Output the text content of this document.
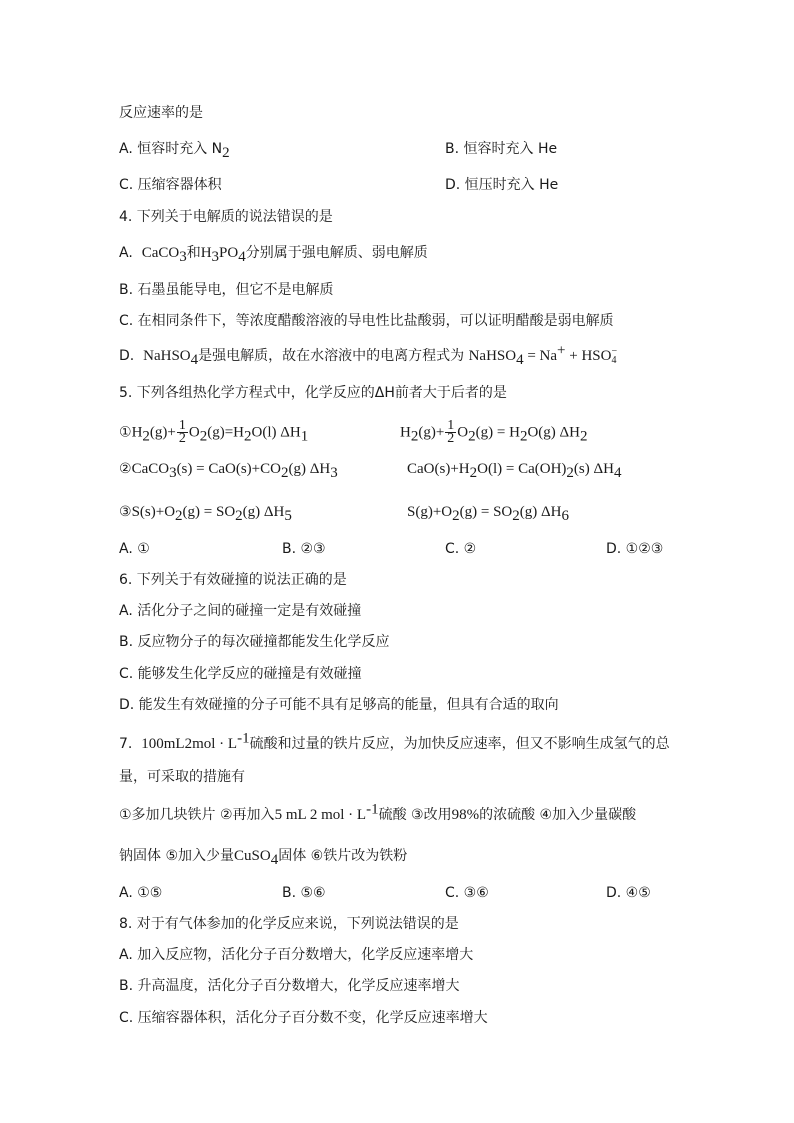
反应速率的是
A. 恒容时充入 $N_2$	B. 恒容时充入 He
C. 压缩容器体积	D. 恒压时充入 He
4. 下列关于电解质的说法错误的是
A. CaCO$_3$和$H_3PO_4$分别属于强电解质、弱电解质
B. 石墨虽能导电，但它不是电解质
C. 在相同条件下，等浓度醋酸溶液的导电性比盐酸弱，可以证明醋酸是弱电解质
D. NaHSO$_4$是强电解质，故在水溶液中的电离方程式为 NaHSO$_4$ = Na+ + HSO −
4
5. 下列各组热化学方程式中，化学反应的ΔH前者大于后者的是
$①H_2(g)+ \frac{1}{2} O_2(g)=H_2O(l)$ $\Delta H_1$	$H_2(g)+ \frac{1}{2} O_2(g) = H_2O(g)$ $\Delta H_2$
②CaCO$_3$(s) = $CaO(s)+CO_2(g)$ $\Delta H_3$	$CaO(s)+H_2O(l) = Ca(OH)_2(s)$ $\Delta H_4$
$③S(s)+O_2(g) = SO_2(g)$ $\Delta H_5$	$S(g)+O_2(g) = SO_2(g)$ $\Delta H_6$
A. ①	B. ②③	C. ②	D. ①②③
6. 下列关于有效碰撞的说法正确的是
A. 活化分子之间的碰撞一定是有效碰撞
B. 反应物分子的每次碰撞都能发生化学反应
C. 能够发生化学反应的碰撞是有效碰撞
D. 能发生有效碰撞的分子可能不具有足够高的能量，但具有合适的取向
7. $100mL2mol \cdot L^{-1}$硫酸和过量的铁片反应，为加快反应速率，但又不影响生成氢气的总
量，可采取的措施有
①多加几块铁片 ②再加入5 mL 2 mol · $L^{-1}$硫酸 ③改用98%的浓硫酸 ④加入少量碳酸
钠固体 ⑤加入少量CuSO$_4$固体 ⑥铁片改为铁粉
A. ①⑤	B. ⑤⑥	C. ③⑥	D. ④⑤
8. 对于有气体参加的化学反应来说，下列说法错误的是
A. 加入反应物，活化分子百分数增大，化学反应速率增大
B. 升高温度，活化分子百分数增大，化学反应速率增大
C. 压缩容器体积，活化分子百分数不变，化学反应速率增大
